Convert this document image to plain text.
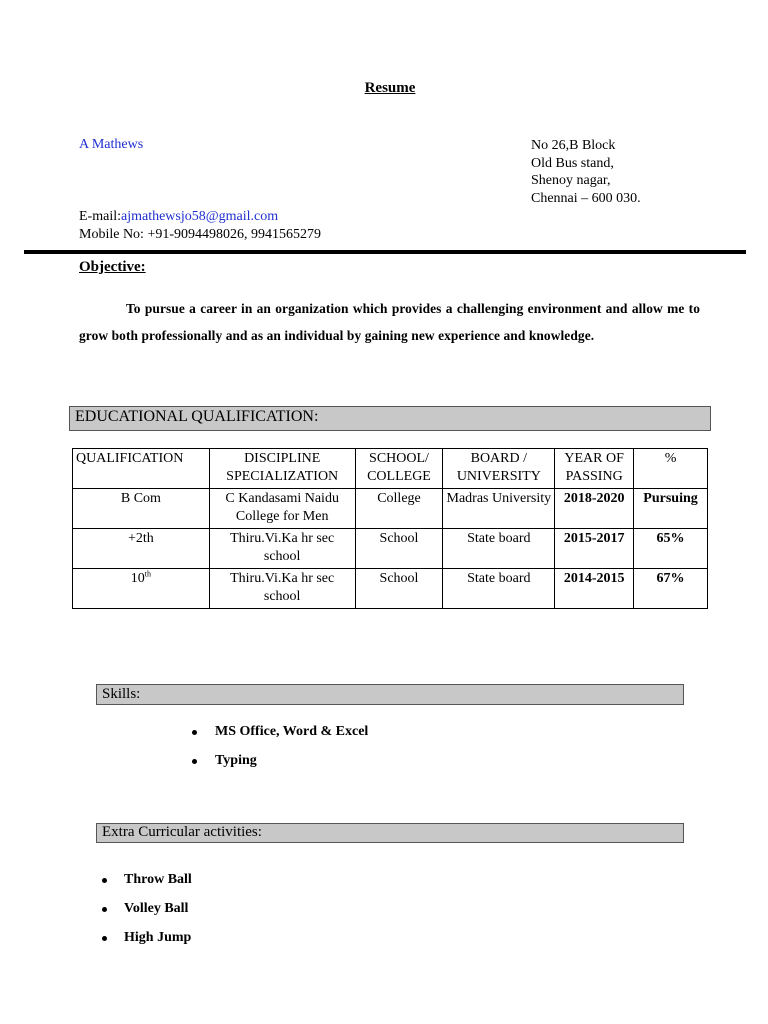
Resume
A Mathews	No 26,B Block
Old Bus stand,
Shenoy nagar,
Chennai – 600 030.
E-mail:ajmathewsjo58@gmail.com
Mobile No: +91-9094498026, 9941565279
Objective:
To pursue a career in an organization which provides a challenging environment and allow me to grow both professionally and as an individual by gaining new experience and knowledge.
EDUCATIONAL QUALIFICATION:
QUALIFICATION	DISCIPLINE SPECIALIZATION	SCHOOL/ COLLEGE	BOARD / UNIVERSITY	YEAR OF PASSING	%
B Com	C Kandasami Naidu College for Men	College	Madras University	2018-2020	Pursuing
+2th	Thiru.Vi.Ka hr sec school	School	State board	2015-2017	65%
10th	Thiru.Vi.Ka hr sec school	School	State board	2014-2015	67%
Skills:
MS Office, Word & Excel
Typing
Extra Curricular activities:
Throw Ball
Volley Ball
High Jump
